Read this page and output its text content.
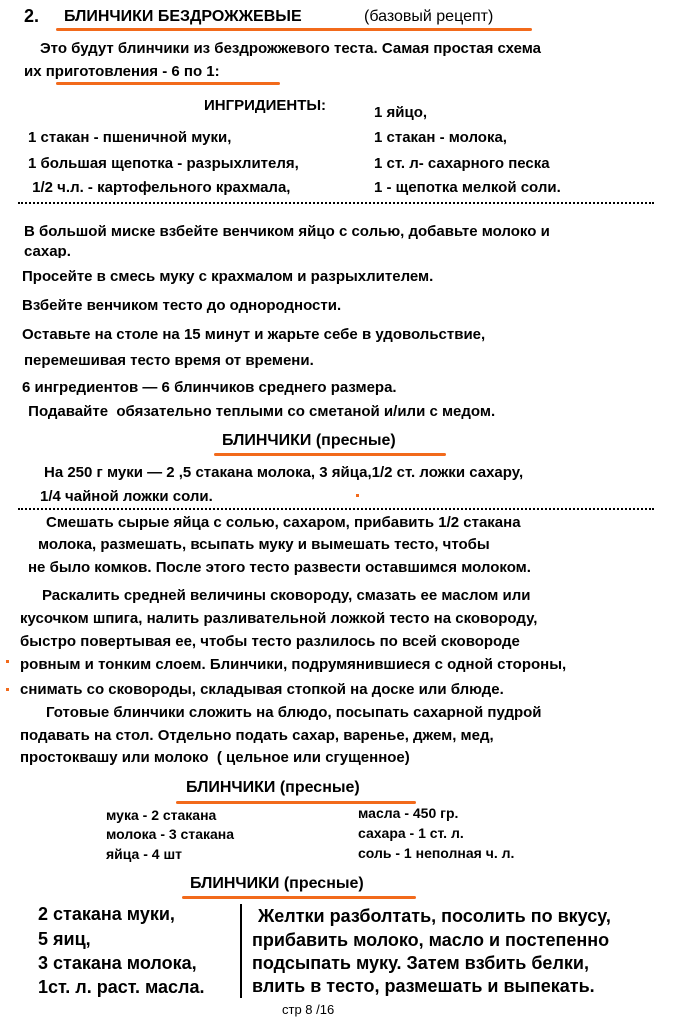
2. БЛИНЧИКИ БЕЗДРОЖЖЕВЫЕ	(базовый рецепт)
Это будут блинчики из бездрожжевого теста. Самая простая схема
их приготовления - 6 по 1:
ИНГРИДИЕНТЫ:
1 стакан - пшеничной муки,
1 большая щепотка - разрыхлителя,
1/2 ч.л. - картофельного крахмала,
1 яйцо,
1 стакан - молока,
1 ст. л- сахарного песка
1 - щепотка мелкой соли.
В большой миске взбейте венчиком яйцо с солью, добавьте молоко и
сахар.
Просейте в смесь муку с крахмалом и разрыхлителем.
Взбейте венчиком тесто до однородности.
Оставьте на столе на 15 минут и жарьте себе в удовольствие,
перемешивая тесто время от времени.
6 ингредиентов — 6 блинчиков среднего размера.
Подавайте  обязательно теплыми со сметаной и/или с медом.
БЛИНЧИКИ (пресные)
На 250 г муки — 2 ,5 стакана молока, 3 яйца,1/2 ст. ложки сахару,
1/4 чайной ложки соли.
Смешать сырые яйца с солью, сахаром, прибавить 1/2 стакана
молока, размешать, всыпать муку и вымешать тесто, чтобы
не было комков. После этого тесто развести оставшимся молоком.
Раскалить средней величины сковороду, смазать ее маслом или
кусочком шпига, налить разливательной ложкой тесто на сковороду,
быстро повертывая ее, чтобы тесто разлилось по всей сковороде
ровным и тонким слоем. Блинчики, подрумянившиеся с одной стороны,
снимать со сковороды, складывая стопкой на доске или блюде.
Готовые блинчики сложить на блюдо, посыпать сахарной пудрой
подавать на стол. Отдельно подать сахар, варенье, джем, мед,
простоквашу или молоко  ( цельное или сгущенное)
БЛИНЧИКИ (пресные)
мука - 2 стакана
молока - 3 стакана
яйца - 4 шт
масла - 450 гр.
сахара - 1 ст. л.
соль - 1 неполная ч. л.
БЛИНЧИКИ (пресные)
2 стакана муки,
5 яиц,
3 стакана молока,
1ст. л. раст. масла.
Желтки разболтать, посолить по вкусу,
прибавить молоко, масло и постепенно
подсыпать муку. Затем взбить белки,
влить в тесто, размешать и выпекать.
стр 8 /16
